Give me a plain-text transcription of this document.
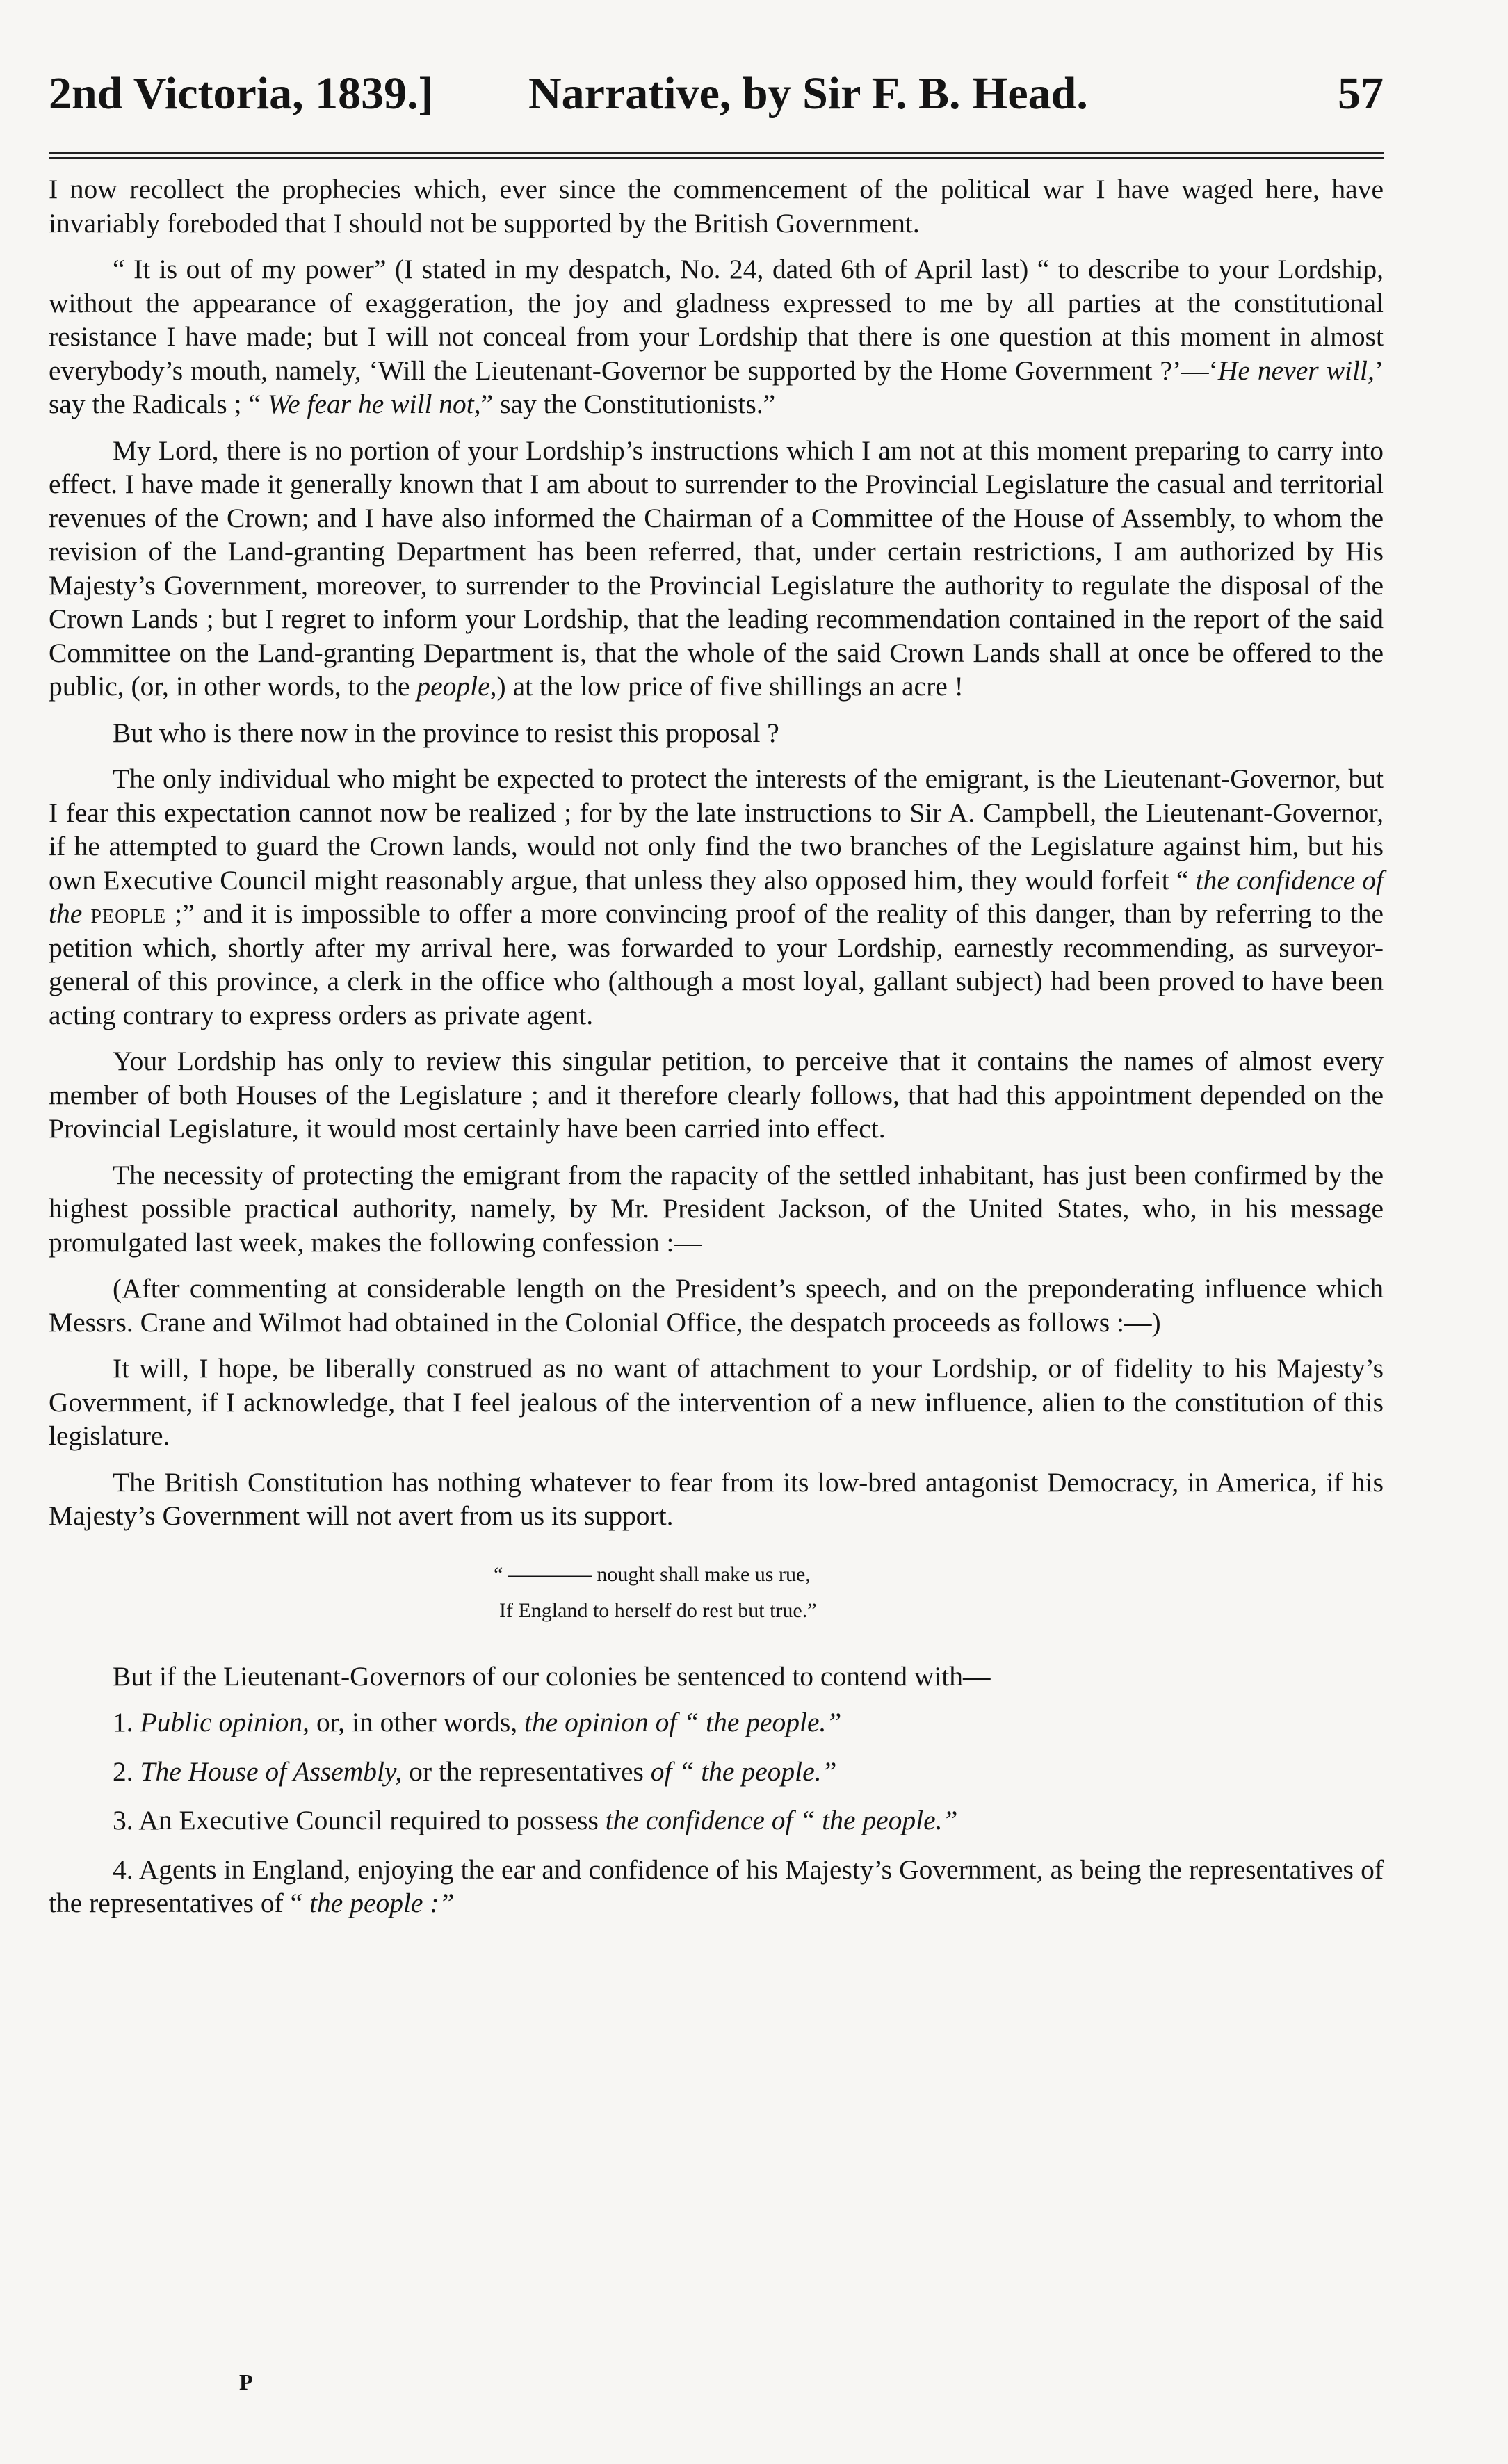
2nd Victoria, 1839.] Narrative, by Sir F. B. Head.	57

I now recollect the prophecies which, ever since the commencement of the political war I have waged here, have invariably foreboded that I should not be supported by the British Government.

“ It is out of my power” (I stated in my despatch, No. 24, dated 6th of April last) “ to describe to your Lordship, without the appearance of exaggeration, the joy and gladness expressed to me by all parties at the constitutional resistance I have made; but I will not conceal from your Lordship that there is one question at this moment in almost everybody’s mouth, namely, ‘Will the Lieutenant-Governor be supported by the Home Government ?’—‘He never will,’ say the Radicals ; “ We fear he will not,” say the Constitutionists.”

My Lord, there is no portion of your Lordship’s instructions which I am not at this moment preparing to carry into effect. I have made it generally known that I am about to surrender to the Provincial Legislature the casual and territorial revenues of the Crown; and I have also informed the Chairman of a Committee of the House of Assembly, to whom the revision of the Land-granting Department has been referred, that, under certain restrictions, I am authorized by His Majesty’s Government, moreover, to surrender to the Provincial Legislature the authority to regulate the disposal of the Crown Lands ; but I regret to inform your Lordship, that the leading recommendation contained in the report of the said Committee on the Land-granting Department is, that the whole of the said Crown Lands shall at once be offered to the public, (or, in other words, to the people,) at the low price of five shillings an acre !

But who is there now in the province to resist this proposal ?

The only individual who might be expected to protect the interests of the emigrant, is the Lieutenant-Governor, but I fear this expectation cannot now be realized ; for by the late instructions to Sir A. Campbell, the Lieutenant-Governor, if he attempted to guard the Crown lands, would not only find the two branches of the Legislature against him, but his own Executive Council might reasonably argue, that unless they also opposed him, they would forfeit “ the confidence of the people ;” and it is impossible to offer a more convincing proof of the reality of this danger, than by referring to the petition which, shortly after my arrival here, was forwarded to your Lordship, earnestly recommending, as surveyor-general of this province, a clerk in the office who (although a most loyal, gallant subject) had been proved to have been acting contrary to express orders as private agent.

Your Lordship has only to review this singular petition, to perceive that it contains the names of almost every member of both Houses of the Legislature ; and it therefore clearly follows, that had this appointment depended on the Provincial Legislature, it would most certainly have been carried into effect.

The necessity of protecting the emigrant from the rapacity of the settled inhabitant, has just been confirmed by the highest possible practical authority, namely, by Mr. President Jackson, of the United States, who, in his message promulgated last week, makes the following confession :—

(After commenting at considerable length on the President’s speech, and on the preponderating influence which Messrs. Crane and Wilmot had obtained in the Colonial Office, the despatch proceeds as follows :—)

It will, I hope, be liberally construed as no want of attachment to your Lordship, or of fidelity to his Majesty’s Government, if I acknowledge, that I feel jealous of the intervention of a new influence, alien to the constitution of this legislature.

The British Constitution has nothing whatever to fear from its low-bred antagonist Democracy, in America, if his Majesty’s Government will not avert from us its support.

“ ———— nought shall make us rue,
If England to herself do rest but true.”

But if the Lieutenant-Governors of our colonies be sentenced to contend with—

1. Public opinion, or, in other words, the opinion of “ the people.”

2. The House of Assembly, or the representatives of “ the people.”

3. An Executive Council required to possess the confidence of “ the people.”

4. Agents in England, enjoying the ear and confidence of his Majesty’s Government, as being the representatives of the representatives of “ the people :”

P
